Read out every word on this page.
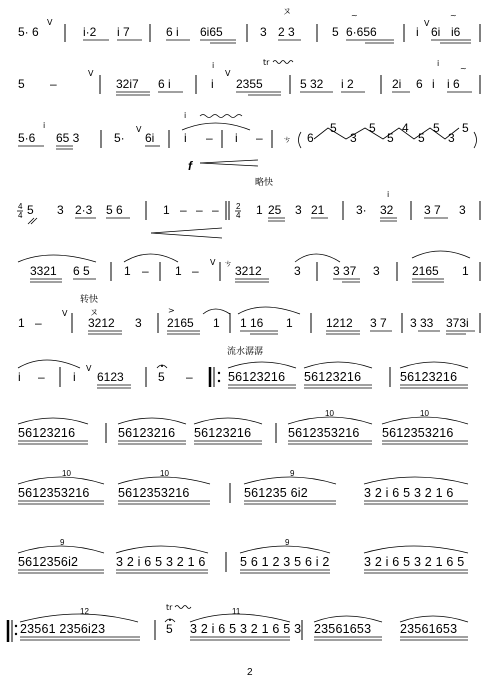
5· 6
V
i·2 i 7	6 i 6i65	3
ヌ
2 3	5
~
6·656	i
V
6i
~
i6
5 –
V
32i7 6 i
i
i
V
tr
2355	5 32 i 2	2i 6
i
i
~
i 6
i
5·6 65 3	5·
V
6i
i
i – i –
f
ㄘ 6
5
3
5
5
4
5
5
3
5
略快
4
4 5 3 2·3 5 6	1 – – – 2
4 1 25 3 21	3·
i
32	3 7 3
3321 6 5	1 – 1 –
V ㄘ
3212	3	3 37 3	2165 1
转快
1 –
V	ヌ
3212 3
>
2165 1 1 16 1	1212 3 7 3 33 373i
流水潺潺
i – i
V
6123	5 –	56123216 56123216	56123216
56123216	56123216 56123216
10
5612353216
10
5612353216
10
5612353216
10
5612353216
9
561235 6i2	3 2 i 6 5 3 2 1 6
9
5612356i2	3 2 i 6 5 3 2 1 6
9
5 6 1 2 3 5 6 i 2	3 2 i 6 5 3 2 1 6 5
12
23561 2356i23
tr
5
11
3 2 i 6 5 3 2 1 6 5 3 23561653 23561653
2
